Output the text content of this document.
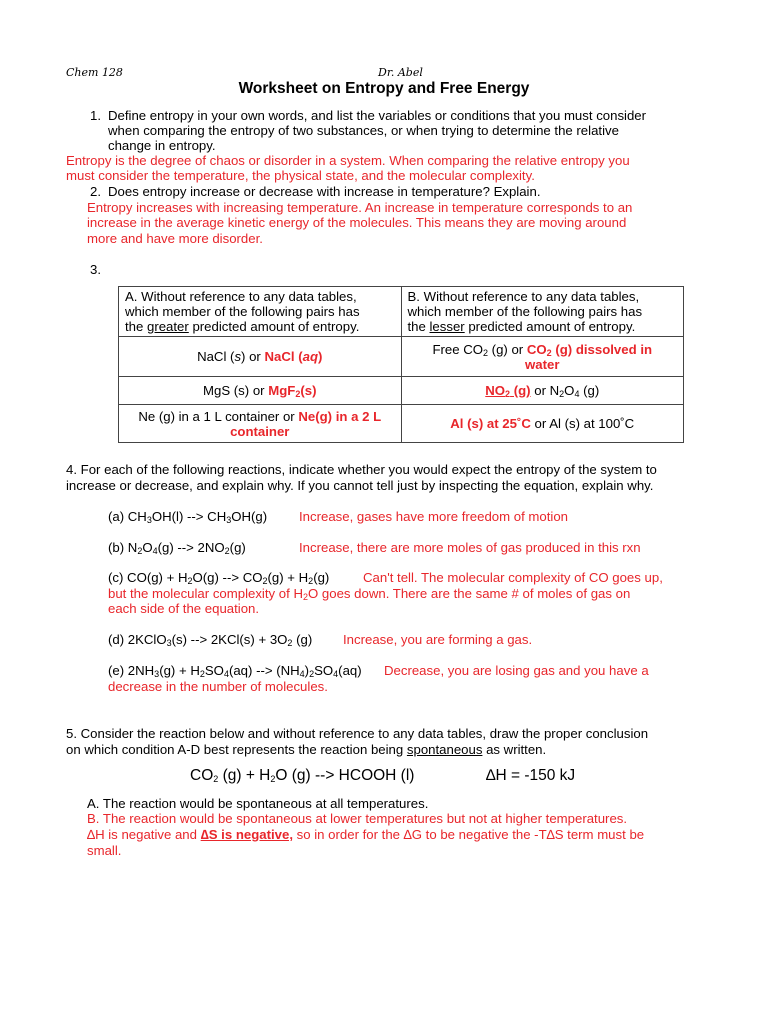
Chem 128	Dr. Abel
Worksheet on Entropy and Free Energy
1. Define entropy in your own words, and list the variables or conditions that you must consider
when comparing the entropy of two substances, or when trying to determine the relative
change in entropy.
Entropy is the degree of chaos or disorder in a system. When comparing the relative entropy you
must consider the temperature, the physical state, and the molecular complexity.
2. Does entropy increase or decrease with increase in temperature? Explain.
Entropy increases with increasing temperature. An increase in temperature corresponds to an
increase in the average kinetic energy of the molecules. This means they are moving around
more and have more disorder.
3.
A. Without reference to any data tables,
which member of the following pairs has
the greater predicted amount of entropy.	B. Without reference to any data tables,
which member of the following pairs has
the lesser predicted amount of entropy.
NaCl (s) or NaCl (aq)	Free $CO_2$ (g) or $CO_2$ (g) dissolved in
water
MgS (s) or MgF$_2$(s)	$NO_2$ (g) or $N_2O_4$ (g)
Ne (g) in a 1 L container or Ne(g) in a 2 L
container	Al (s) at 25˚C or Al (s) at 100˚C
4. For each of the following reactions, indicate whether you would expect the entropy of the system to
increase or decrease, and explain why. If you cannot tell just by inspecting the equation, explain why.
(a) $CH_3OH(l)$ --> $CH_3OH(g)$ Increase, gases have more freedom of motion
(b) $N_2O_4(g)$ --> $2NO_2(g)$	Increase, there are more moles of gas produced in this rxn
(c) $CO(g) + H_2O(g)$ --> $CO_2(g) + H_2(g)$	Can't tell. The molecular complexity of CO goes up,
but the molecular complexity of $H_2O$ goes down. There are the same # of moles of gas on
each side of the equation.
(d) 2KClO$_3$(s) --> $2KCl(s) + 3O_2$ (g) Increase, you are forming a gas.
(e) $2NH_3(g) + H_2SO_4(aq)$ --> $(NH_4)_2SO_4(aq)$ Decrease, you are losing gas and you have a
decrease in the number of molecules.
5. Consider the reaction below and without reference to any data tables, draw the proper conclusion
on which condition A-D best represents the reaction being spontaneous as written.
$CO_2$ $(g) + H_2O$ (g) --> HCOOH (l)	∆H = -150 kJ
A. The reaction would be spontaneous at all temperatures.
B. The reaction would be spontaneous at lower temperatures but not at higher temperatures.
∆H is negative and ∆S is negative, so in order for the ∆G to be negative the -T∆S term must be
small.
